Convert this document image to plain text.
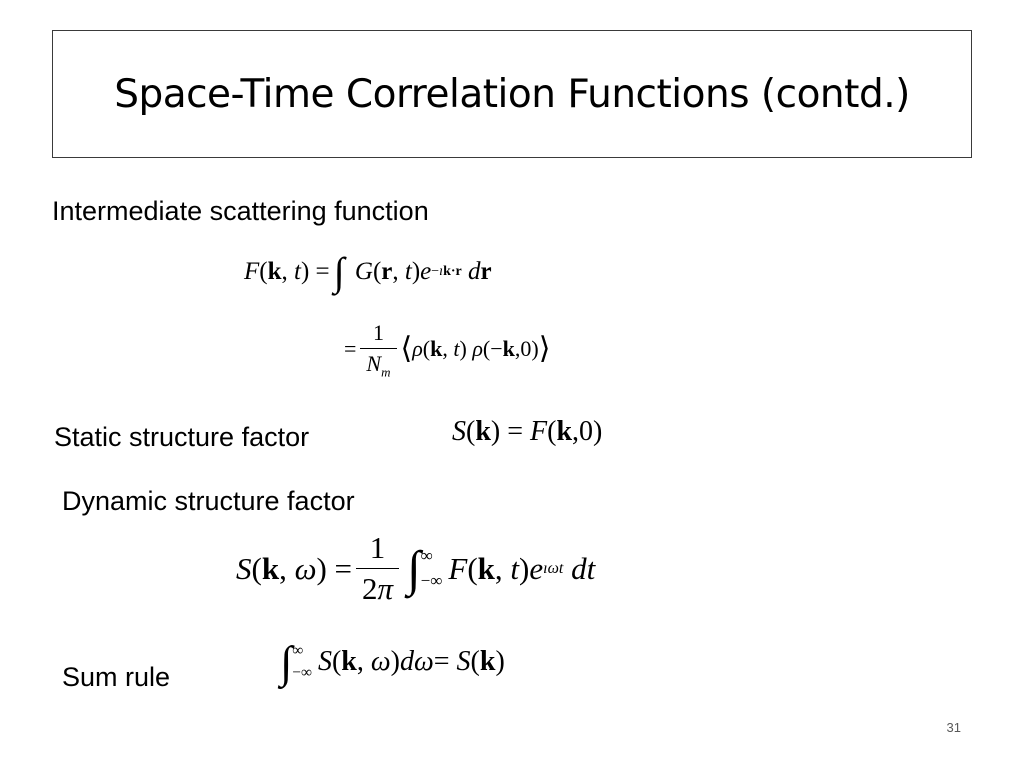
Space-Time Correlation Functions (contd.)
Intermediate scattering function
F ( k , t ) = ∫
G ( r , t ) e −ık·r d r
= $\frac{1}{N_m}$ ⟨ ρ ( k , t ) ρ (− k ,0) ⟩
Static structure factor	S ( k ) = F ( k ,0)
Dynamic structure factor
S ( k , ω ) = $\frac{1}{2\pi}$ ∫ ∞
−∞ F ( k , t ) e ıωt dt
Sum rule ∫ ∞
−∞ S ( k , ω ) dω = S ( k )
31
